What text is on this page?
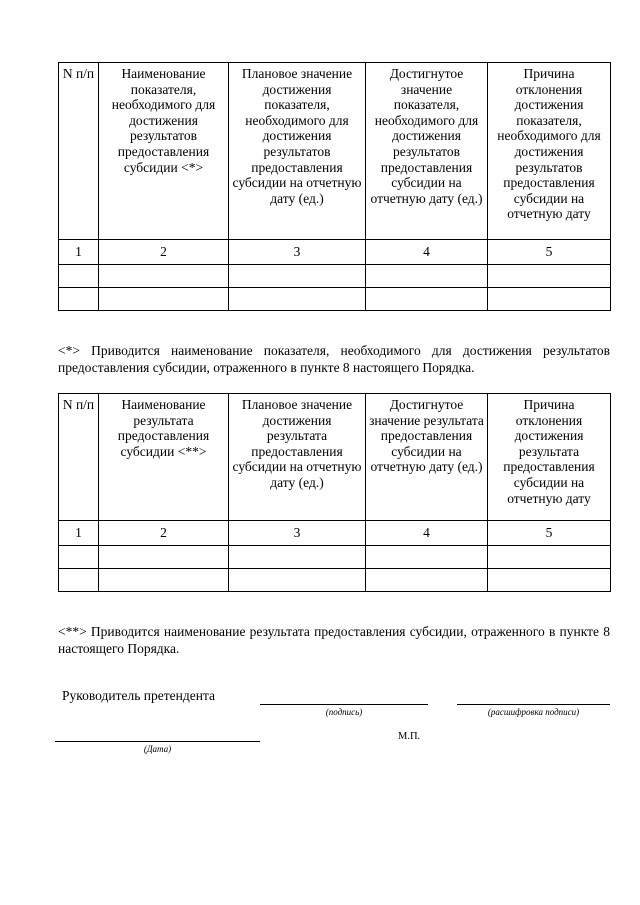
N п/п	Наименование показателя, необходимого для достижения результатов предоставления субсидии <*>	Плановое значение достижения показателя, необходимого для достижения результатов предоставления субсидии на отчетную дату (ед.)	Достигнутое значение показателя, необходимого для достижения результатов предоставления субсидии на отчетную дату (ед.)	Причина отклонения достижения показателя, необходимого для достижения результатов предоставления субсидии на отчетную дату
1	2	3	4	5

<*> Приводится наименование показателя, необходимого для достижения результатов предоставления субсидии, отраженного в пункте 8 настоящего Порядка.

N п/п	Наименование результата предоставления субсидии <**>	Плановое значение достижения результата предоставления субсидии на отчетную дату (ед.)	Достигнутое значение результата предоставления субсидии на отчетную дату (ед.)	Причина отклонения достижения результата предоставления субсидии на отчетную дату
1	2	3	4	5

<**> Приводится наименование результата предоставления субсидии, отраженного в пункте 8 настоящего Порядка.

Руководитель претендента

(подпись)	(расшифровка подписи)
(Дата)
М.П.
